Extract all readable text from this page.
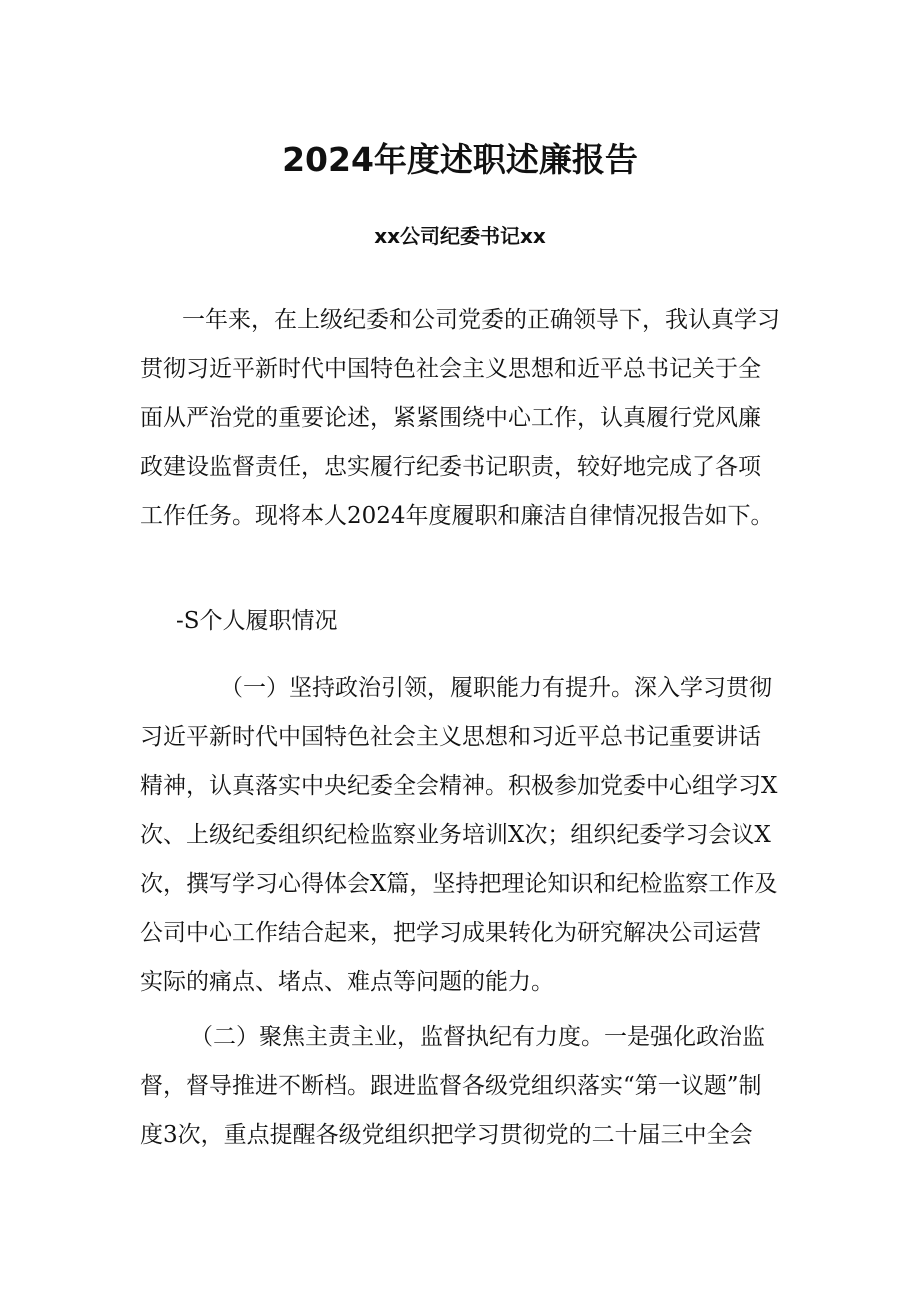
2024年度述职述廉报告
xx公司纪委书记xx

一年来，在上级纪委和公司党委的正确领导下，我认真学习贯彻习近平新时代中国特色社会主义思想和近平总书记关于全面从严治党的重要论述，紧紧围绕中心工作，认真履行党风廉政建设监督责任，忠实履行纪委书记职责，较好地完成了各项工作任务。现将本人2024年度履职和廉洁自律情况报告如下。

-S个人履职情况

（一）坚持政治引领，履职能力有提升。深入学习贯彻习近平新时代中国特色社会主义思想和习近平总书记重要讲话精神，认真落实中央纪委全会精神。积极参加党委中心组学习X次、上级纪委组织纪检监察业务培训X次；组织纪委学习会议X次，撰写学习心得体会X篇，坚持把理论知识和纪检监察工作及公司中心工作结合起来，把学习成果转化为研究解决公司运营实际的痛点、堵点、难点等问题的能力。

（二）聚焦主责主业，监督执纪有力度。一是强化政治监督，督导推进不断档。跟进监督各级党组织落实“第一议题”制度3次，重点提醒各级党组织把学习贯彻党的二十届三中全会
